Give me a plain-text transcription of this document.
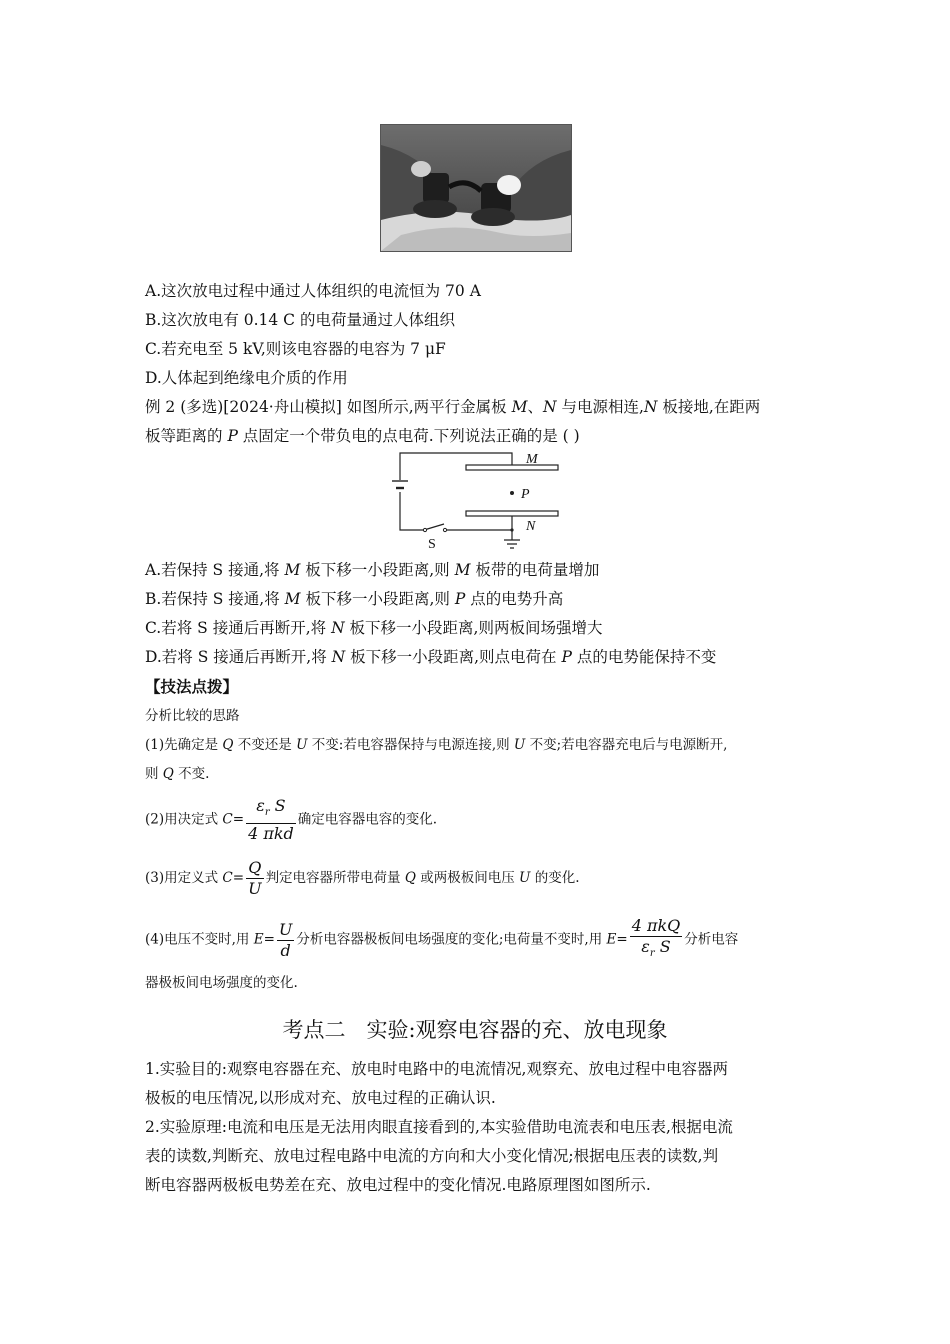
A.这次放电过程中通过人体组织的电流恒为 70 A
B.这次放电有 0.14 C 的电荷量通过人体组织
C.若充电至 5 kV,则该电容器的电容为 7 μF
D.人体起到绝缘电介质的作用
例 2 (多选)[2024·舟山模拟] 如图所示,两平行金属板 M、N 与电源相连,N 板接地,在距两
板等距离的 P 点固定一个带负电的点电荷.下列说法正确的是 ( )
M
P
N
S
A.若保持 S 接通,将 M 板下移一小段距离,则 M 板带的电荷量增加
B.若保持 S 接通,将 M 板下移一小段距离,则 P 点的电势升高
C.若将 S 接通后再断开,将 N 板下移一小段距离,则两板间场强增大
D.若将 S 接通后再断开,将 N 板下移一小段距离,则点电荷在 P 点的电势能保持不变
【技法点拨】
分析比较的思路
(1)先确定是 Q 不变还是 U 不变:若电容器保持与电源连接,则 U 不变;若电容器充电后与电源断开,
则 Q 不变.
(2)用决定式 $C= \frac{\varepsilon_r S}{\text{4 πkd}}$ 确定电容器电容的变化.
(3)用定义式 $C= \frac{Q}{U}$ 判定电容器所带电荷量 Q 或两极板间电压 U 的变化.
(4)电压不变时,用 $E= \frac{U}{d}$ 分析电容器极板间电场强度的变化;电荷量不变时,用 $E= \frac{\text{4 πkQ}}{\varepsilon_r S}$ 分析电容
器极板间电场强度的变化.
考点二　实验:观察电容器的充、放电现象
1.实验目的:观察电容器在充、放电时电路中的电流情况,观察充、放电过程中电容器两
极板的电压情况,以形成对充、放电过程的正确认识.
2.实验原理:电流和电压是无法用肉眼直接看到的,本实验借助电流表和电压表,根据电流
表的读数,判断充、放电过程电路中电流的方向和大小变化情况;根据电压表的读数,判
断电容器两极板电势差在充、放电过程中的变化情况.电路原理图如图所示.
